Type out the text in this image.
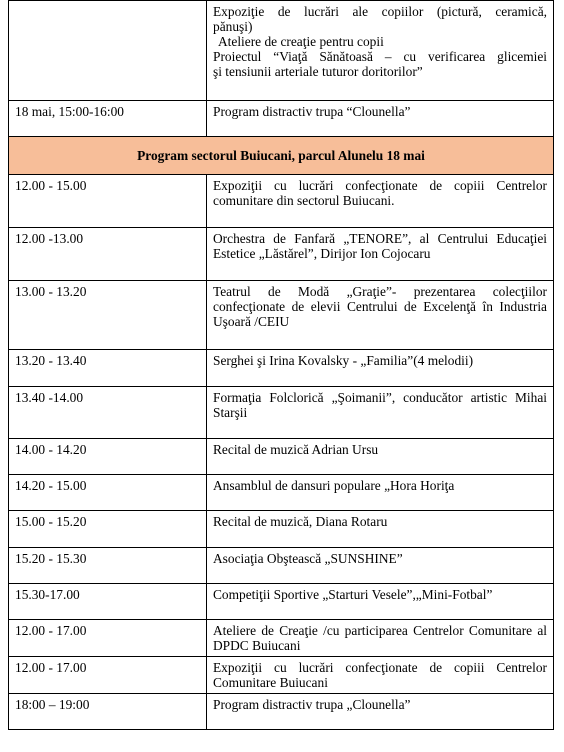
	Expoziţie de lucrări ale copiilor (pictură, ceramică,
pănuşi)
Ateliere de creaţie pentru copii
Proiectul “Viaţă Sănătoasă – cu verificarea glicemiei
şi tensiunii arteriale tuturor doritorilor”

18 mai, 15:00-16:00	Program distractiv trupa “Clounella”
Program sectorul Buiucani, parcul Alunelu 18 mai	
12.00 - 15.00	Expoziţii cu lucrări confecţionate de copiii Centrelor comunitare din sectorul Buiucani.
12.00 -13.00	Orchestra de Fanfară „TENORE”, al Centrului Educaţiei Estetice „Lăstărel”, Dirijor Ion Cojocaru
13.00 - 13.20	Teatrul de Modă „Graţie”- prezentarea colecţiilor confecţionate de elevii Centrului de Excelenţă în Industria Uşoară /CEIU
13.20 - 13.40	Serghei şi Irina Kovalsky - „Familia”(4 melodii)
13.40 -14.00	Formaţia Folclorică „Şoimanii”, conducător artistic Mihai Starşii
14.00 - 14.20	Recital de muzică Adrian Ursu
14.20 - 15.00	Ansamblul de dansuri populare „Hora Horiţa
15.00 - 15.20	Recital de muzică, Diana Rotaru
15.20 - 15.30	Asociaţia Obştească „SUNSHINE”
15.30-17.00	Competiţii Sportive „Starturi Vesele”,„Mini-Fotbal”
12.00 - 17.00	Ateliere de Creaţie /cu participarea Centrelor Comunitare al DPDC Buiucani
12.00 - 17.00	Expoziţii cu lucrări confecţionate de copiii Centrelor Comunitare Buiucani
18:00 – 19:00	Program distractiv trupa „Clounella”
